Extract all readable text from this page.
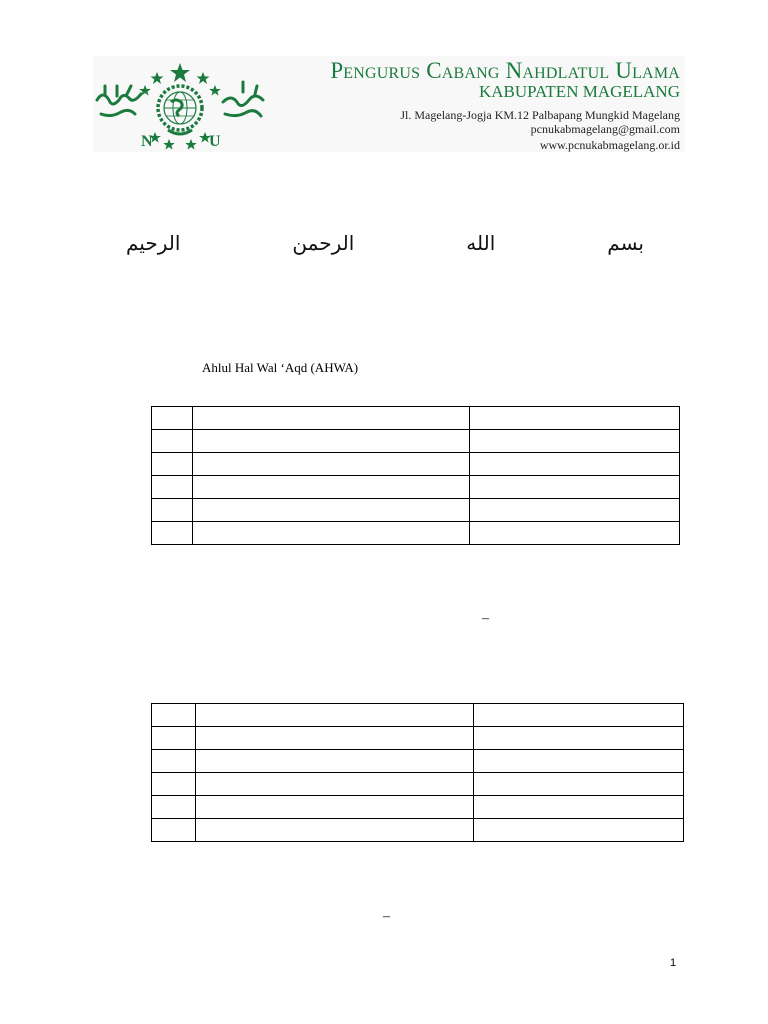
N	U
Pengurus Cabang Nahdlatul Ulama
KABUPATEN MAGELANG
Jl. Magelang-Jogja KM.12 Palbapang Mungkid Magelang
pcnukabmagelang@gmail.com
www.pcnukabmagelang.or.id
بسم الله الرحمن الرحيم
Ahlul Hal Wal ‘Aqd (AHWA)

–

–
1
